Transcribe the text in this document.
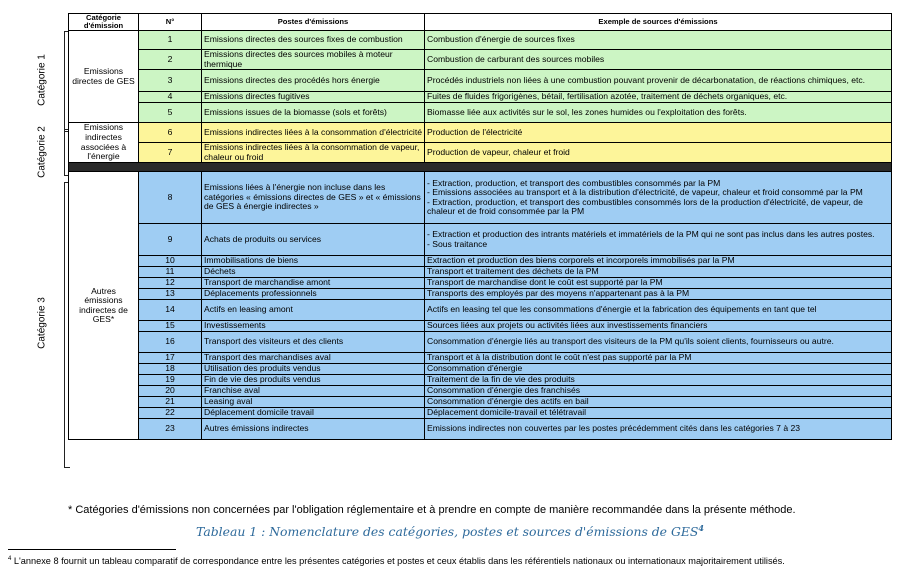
Catégorie 1
Catégorie 2
Catégorie 3
Catégorie d'émission	N°	Postes d'émissions	Exemple de sources d'émissions
Emissions directes de GES	1	Emissions directes des sources fixes de combustion	Combustion d'énergie de sources fixes
	2	Emissions directes des sources mobiles à moteur thermique	Combustion de carburant des sources mobiles
	3	Emissions directes des procédés hors énergie	Procédés industriels non liées à une combustion pouvant provenir de décarbonatation, de réactions chimiques, etc.
	4	Emissions directes fugitives	Fuites de fluides frigorigènes, bétail, fertilisation azotée, traitement de déchets organiques, etc.
	5	Emissions issues de la biomasse (sols et forêts)	Biomasse liée aux activités sur le sol, les zones humides ou l'exploitation des forêts.
Emissions indirectes associées à l'énergie	6	Emissions indirectes liées à la consommation d'électricité	Production de l'électricité
	7	Emissions indirectes liées à la consommation de vapeur, chaleur ou froid	Production de vapeur, chaleur et froid

Autres émissions indirectes de GES*	8	Emissions liées à l'énergie non incluse dans les catégories « émissions directes de GES » et « émissions de GES à énergie indirectes »	- Extraction, production, et transport des combustibles consommés par la PM
- Emissions associées au transport et à la distribution d'électricité, de vapeur, chaleur et froid consommé par la PM
- Extraction, production, et transport des combustibles consommés lors de la production d'électricité, de vapeur, de chaleur et de froid consommée par la PM
	9	Achats de produits ou services	- Extraction et production des intrants matériels et immatériels de la PM qui ne sont pas inclus dans les autres postes.
- Sous traitance
	10	Immobilisations de biens	Extraction et production des biens corporels et incorporels immobilisés par la PM
	11	Déchets	Transport et traitement des déchets de la PM
	12	Transport de marchandise amont	Transport de marchandise dont le coût est supporté par la PM
	13	Déplacements professionnels	Transports des employés par des moyens n'appartenant pas à la PM
	14	Actifs en leasing amont	Actifs en leasing tel que les consommations d'énergie et la fabrication des équipements en tant que tel
	15	Investissements	Sources liées aux projets ou activités liées aux investissements financiers
	16	Transport des visiteurs et des clients	Consommation d'énergie liés au transport des visiteurs de la PM qu'ils soient clients, fournisseurs ou autre.
	17	Transport des marchandises aval	Transport et à la distribution dont le coût n'est pas supporté par la PM
	18	Utilisation des produits vendus	Consommation d'énergie
	19	Fin de vie des produits vendus	Traitement de la fin de vie des produits
	20	Franchise aval	Consommation d'énergie des franchisés
	21	Leasing aval	Consommation d'énergie des actifs en bail
	22	Déplacement domicile travail	Déplacement domicile-travail et télétravail
	23	Autres émissions indirectes	Emissions indirectes non couvertes par les postes précédemment cités dans les catégories 7 à 23
* Catégories d'émissions non concernées par l'obligation réglementaire et à prendre en compte de manière recommandée dans la présente méthode.
Tableau 1 : Nomenclature des catégories, postes et sources d'émissions de GES$^4$
$^4$ L'annexe 8 fournit un tableau comparatif de correspondance entre les présentes catégories et postes et ceux établis dans les référentiels nationaux ou internationaux majoritairement utilisés.
